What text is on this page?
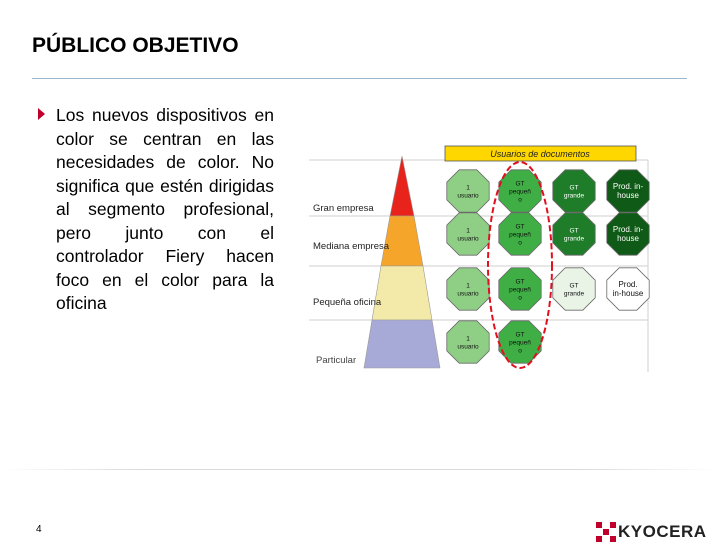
PÚBLICO OBJETIVO
Los nuevos dispositivos en color se centran en las necesidades de color. No significa que estén dirigidas al segmento profesional, pero junto con el controlador Fiery hacen foco en el color para la oficina
Usuarios de documentos
Gran empresa
Mediana empresa
Pequeña oficina
Particular
1 usuario
GT pequeñ o
GT grande
Prod. in-house
1 usuario
GT pequeñ o
GT grande
Prod. in-house
1 usuario
GT pequeñ o
GT grande
Prod. in-house
1 usuario
GT pequeñ o
4	KYOCERA
